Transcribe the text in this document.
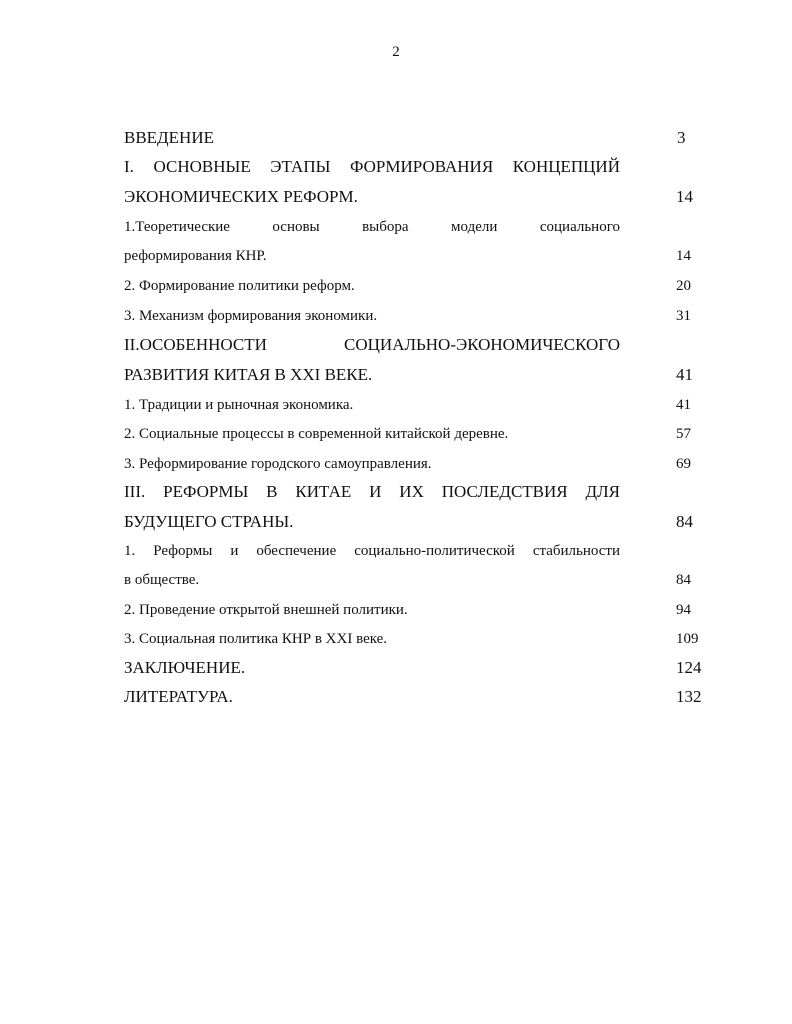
2
ВВЕДЕНИЕ	3
I. ОСНОВНЫЕ ЭТАПЫ ФОРМИРОВАНИЯ КОНЦЕПЦИЙ
ЭКОНОМИЧЕСКИХ РЕФОРМ.	14
1.Теоретические основы выбора модели социального
реформирования КНР.	14
2. Формирование политики реформ.	20
3. Механизм формирования экономики.	31
II.ОСОБЕННОСТИ СОЦИАЛЬНО-ЭКОНОМИЧЕСКОГО
РАЗВИТИЯ КИТАЯ В XXI ВЕКЕ.	41
1. Традиции и рыночная экономика.	41
2. Социальные процессы в современной китайской деревне.	57
3. Реформирование городского самоуправления.	69
III. РЕФОРМЫ В КИТАЕ И ИХ ПОСЛЕДСТВИЯ ДЛЯ
БУДУЩЕГО СТРАНЫ.	84
1. Реформы и обеспечение социально-политической стабильности
в обществе.	84
2. Проведение открытой внешней политики.	94
3. Социальная политика КНР в XXI веке.	109
ЗАКЛЮЧЕНИЕ.	124
ЛИТЕРАТУРА.	132
